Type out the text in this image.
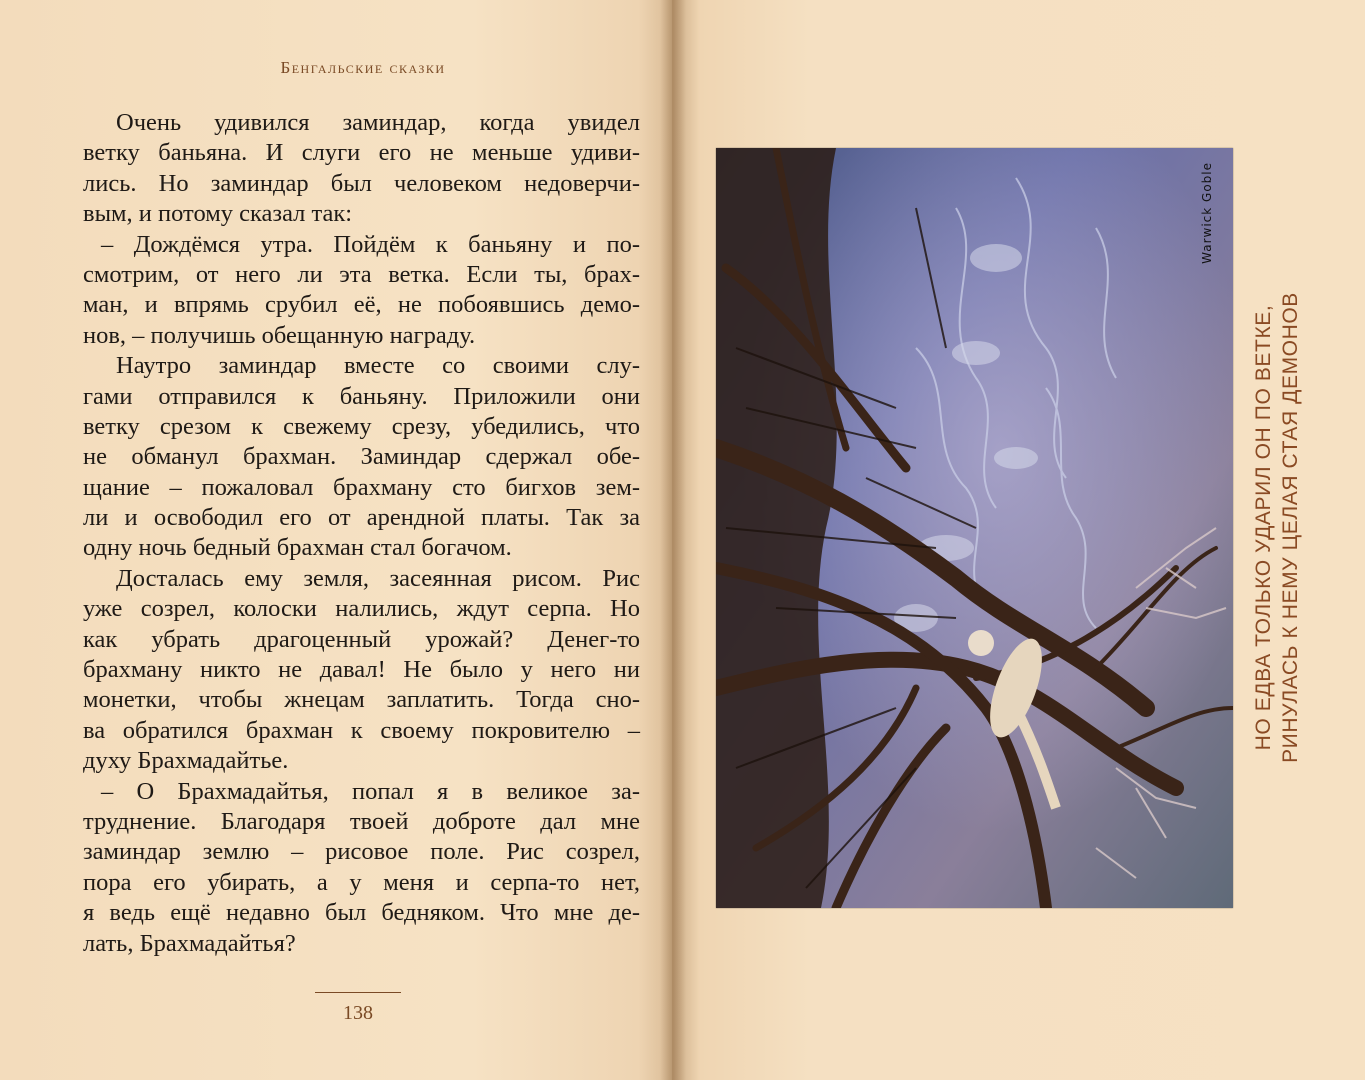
Бенгальские сказки
Очень удивился заминдар, когда увидел
ветку баньяна. И слуги его не меньше удиви-
лись. Но заминдар был человеком недоверчи-
вым, и потому сказал так:
– Дождёмся утра. Пойдём к баньяну и по-
смотрим, от него ли эта ветка. Если ты, брах-
ман, и впрямь срубил её, не побоявшись демо-
нов, – получишь обещанную награду.
Наутро заминдар вместе со своими слу-
гами отправился к баньяну. Приложили они
ветку срезом к свежему срезу, убедились, что
не обманул брахман. Заминдар сдержал обе-
щание – пожаловал брахману сто бигхов зем-
ли и освободил его от арендной платы. Так за
одну ночь бедный брахман стал богачом.
Досталась ему земля, засеянная рисом. Рис
уже созрел, колоски налились, ждут серпа. Но
как убрать драгоценный урожай? Денег-то
брахману никто не давал! Не было у него ни
монетки, чтобы жнецам заплатить. Тогда сно-
ва обратился брахман к своему покровителю –
духу Брахмадайтье.
– О Брахмадайтья, попал я в великое за-
труднение. Благодаря твоей доброте дал мне
заминдар землю – рисовое поле. Рис созрел,
пора его убирать, а у меня и серпа-то нет,
я ведь ещё недавно был бедняком. Что мне де-
лать, Брахмадайтья?
138
Warwick Goble
НО ЕДВА ТОЛЬКО УДАРИЛ ОН ПО ВЕТКЕ, РИНУЛАСЬ К НЕМУ ЦЕЛАЯ СТАЯ ДЕМОНОВ
